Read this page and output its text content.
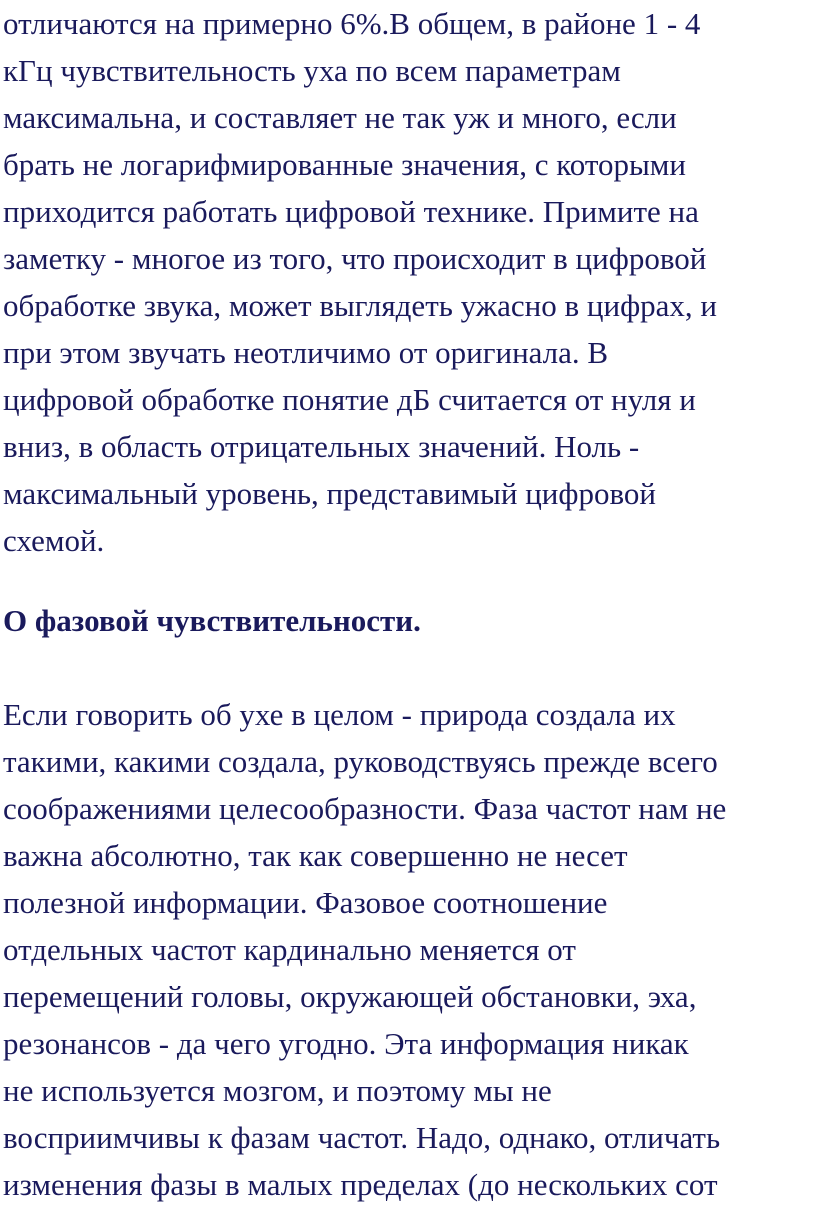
отличаются на примерно 6%.В общем, в районе 1 - 4
кГц чувствительность уха по всем параметрам
максимальна, и составляет не так уж и много, если
брать не логарифмированные значения, с которыми
приходится работать цифровой технике. Примите на
заметку - многое из того, что происходит в цифровой
обработке звука, может выглядеть ужасно в цифрах, и
при этом звучать неотличимо от оригинала. В
цифровой обработке понятие дБ считается от нуля и
вниз, в область отрицательных значений. Ноль -
максимальный уровень, представимый цифровой
схемой.
О фазовой чувствительности.
Если говорить об ухе в целом - природа создала их
такими, какими создала, руководствуясь прежде всего
соображениями целесообразности. Фаза частот нам не
важна абсолютно, так как совершенно не несет
полезной информации. Фазовое соотношение
отдельных частот кардинально меняется от
перемещений головы, окружающей обстановки, эха,
резонансов - да чего угодно. Эта информация никак
не используется мозгом, и поэтому мы не
восприимчивы к фазам частот. Надо, однако, отличать
изменения фазы в малых пределах (до нескольких сот
